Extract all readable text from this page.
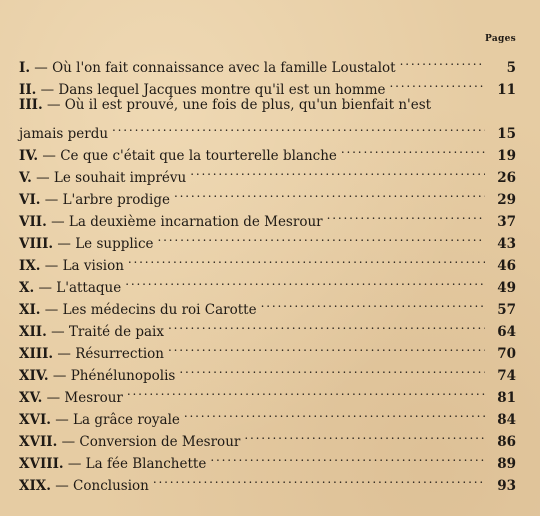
Pages
I. — Où l'on fait connaissance avec la famille Loustalot . . .	5
II. — Dans lequel Jacques montre qu'il est un homme . . .	11
III. — Où il est prouvé, une fois de plus, qu'un bienfait n'est
jamais perdu . . .	15
IV. — Ce que c'était que la tourterelle blanche . . .	19
V. — Le souhait imprévu . . .	26
VI. — L'arbre prodige . . .	29
VII. — La deuxième incarnation de Mesrour . . .	37
VIII. — Le supplice . . .	43
IX. — La vision . . .	46
X. — L'attaque . . .	49
XI. — Les médecins du roi Carotte . . .	57
XII. — Traité de paix . . .	64
XIII. — Résurrection . . .	70
XIV. — Phénélunopolis . . .	74
XV. — Mesrour . . .	81
XVI. — La grâce royale . . .	84
XVII. — Conversion de Mesrour . . .	86
XVIII. — La fée Blanchette . . .	89
XIX. — Conclusion . . .	93
